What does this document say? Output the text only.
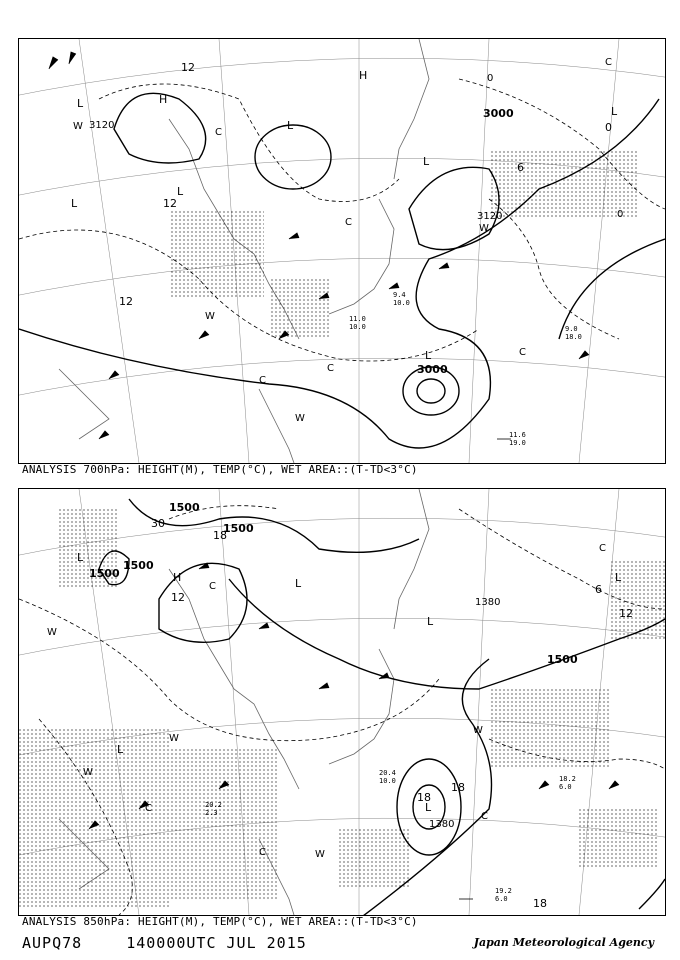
3000
3000
3120
3120
H
H
L
L
L
L
L
L
L
12
12
12
6
0
0
0
C
C
C
C
C
C
W
W
W
W
11.6
19.0
9.4
10.0
11.0
10.0	9.0
18.0
ANALYSIS 700hPa: HEIGHT(M), TEMP(°C), WET AREA::(T-TD<3°C)
1500
1500
1500
1500
1500
1380
1380
H
L
L
L
L
L
L
30
18
18
18
18
12
12
6
C
C
C
C
C
W
W
W
W
W
19.2
6.0
18.2
6.0
20.2
2.3
20.4
10.0
ANALYSIS 850hPa: HEIGHT(M), TEMP(°C), WET AREA::(T-TD<3°C)
AUPQ78	140000UTC JUL 2015	Japan Meteorological Agency
